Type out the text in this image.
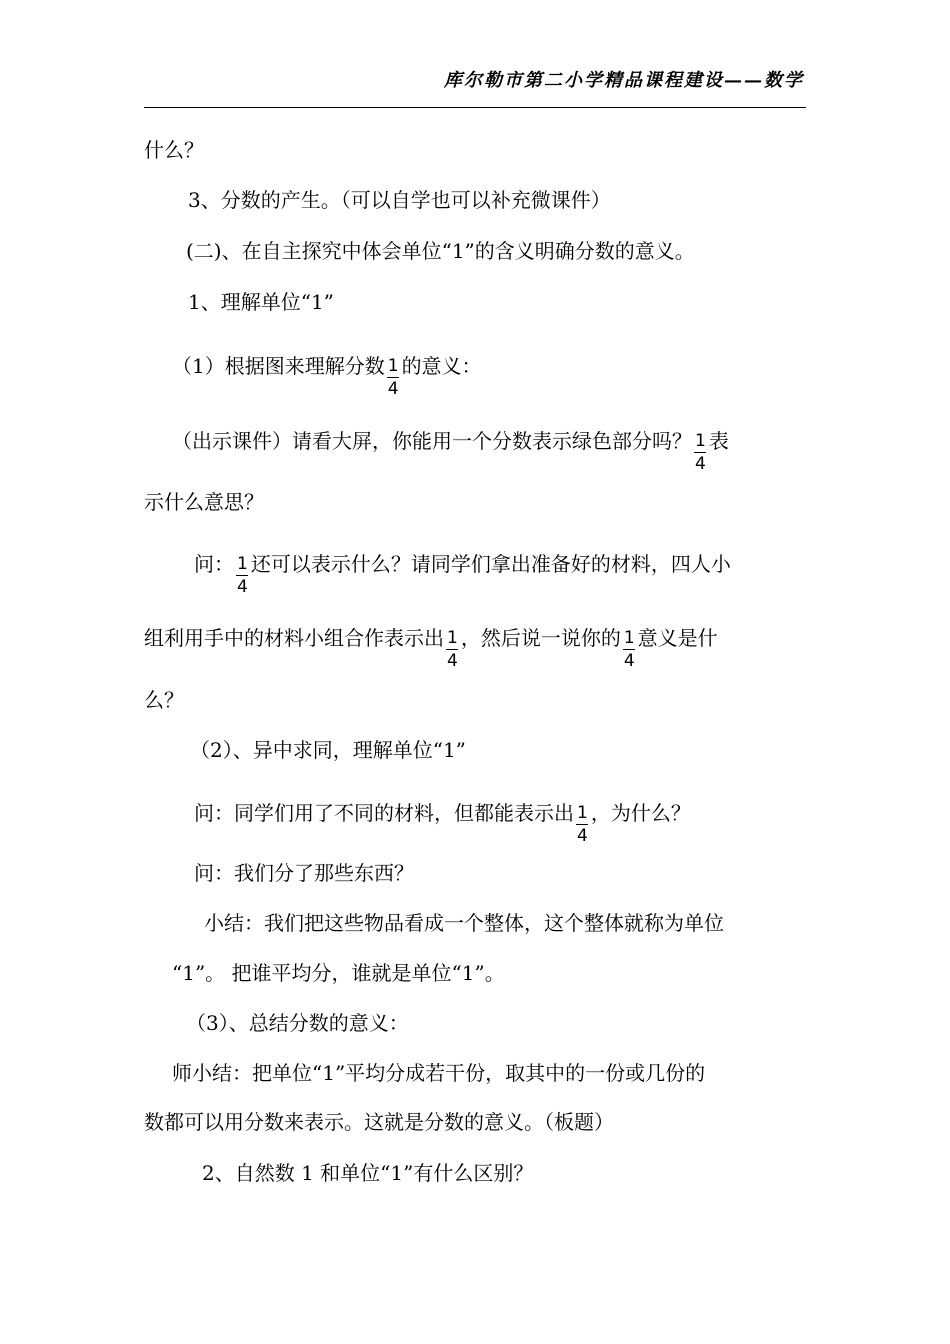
库尔勒市第二小学精品课程建设——数学
什么？
3、分数的产生。（可以自学也可以补充微课件）
(二)、在自主探究中体会单位“1”的含义明确分数的意义。
1、理解单位“1”
（1）根据图来理解分数 $\frac{1}{4}$ 的意义：
（出示课件）请看大屏，你能用一个分数表示绿色部分吗？ $\frac{1}{4}$ 表
示什么意思？
问： $\frac{1}{4}$ 还可以表示什么？请同学们拿出准备好的材料，四人小
组利用手中的材料小组合作表示出 $\frac{1}{4}$ ，然后说一说你的 $\frac{1}{4}$ 意义是什
么？
（2）、异中求同，理解单位“1”
问：同学们用了不同的材料，但都能表示出 $\frac{1}{4}$ ，为什么？
问：我们分了那些东西？
小结：我们把这些物品看成一个整体，这个整体就称为单位
“1”。 把谁平均分，谁就是单位“1”。
（3）、总结分数的意义：
师小结：把单位“1”平均分成若干份，取其中的一份或几份的
数都可以用分数来表示。这就是分数的意义。（板题）
2、自然数 1 和单位“1”有什么区别？
